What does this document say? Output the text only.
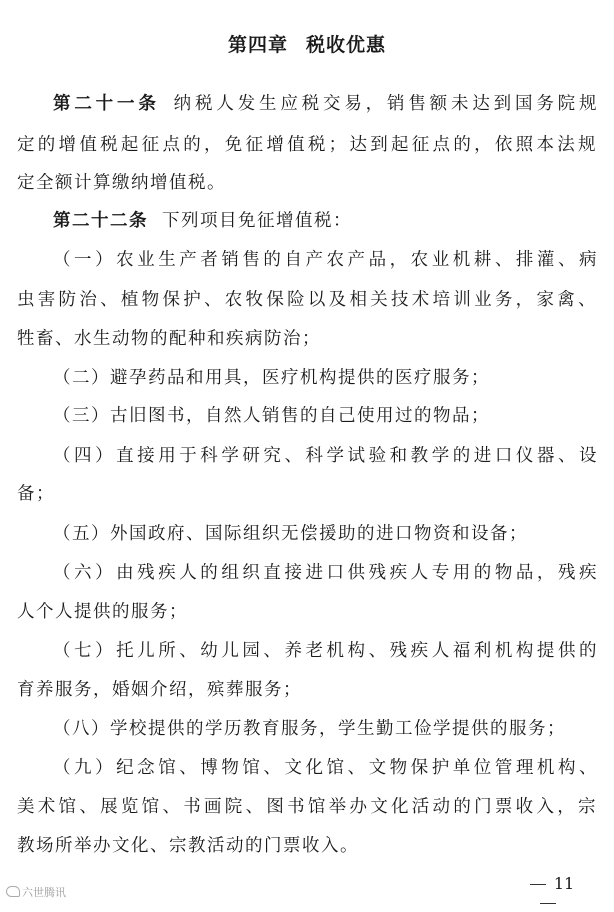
第四章 税收优惠
第二十一条 纳税人发生应税交易，销售额未达到国务院规
定的增值税起征点的，免征增值税；达到起征点的，依照本法规
定全额计算缴纳增值税。
第二十二条 下列项目免征增值税：
（一）农业生产者销售的自产农产品，农业机耕、排灌、病
虫害防治、植物保护、农牧保险以及相关技术培训业务，家禽、
牲畜、水生动物的配种和疾病防治；
（二）避孕药品和用具，医疗机构提供的医疗服务；
（三）古旧图书，自然人销售的自己使用过的物品；
（四）直接用于科学研究、科学试验和教学的进口仪器、设
备；
（五）外国政府、国际组织无偿援助的进口物资和设备；
（六）由残疾人的组织直接进口供残疾人专用的物品，残疾
人个人提供的服务；
（七）托儿所、幼儿园、养老机构、残疾人福利机构提供的
育养服务，婚姻介绍，殡葬服务；
（八）学校提供的学历教育服务，学生勤工俭学提供的服务；
（九）纪念馆、博物馆、文化馆、文物保护单位管理机构、
美术馆、展览馆、书画院、图书馆举办文化活动的门票收入，宗
教场所举办文化、宗教活动的门票收入。
11
六世腾讯
